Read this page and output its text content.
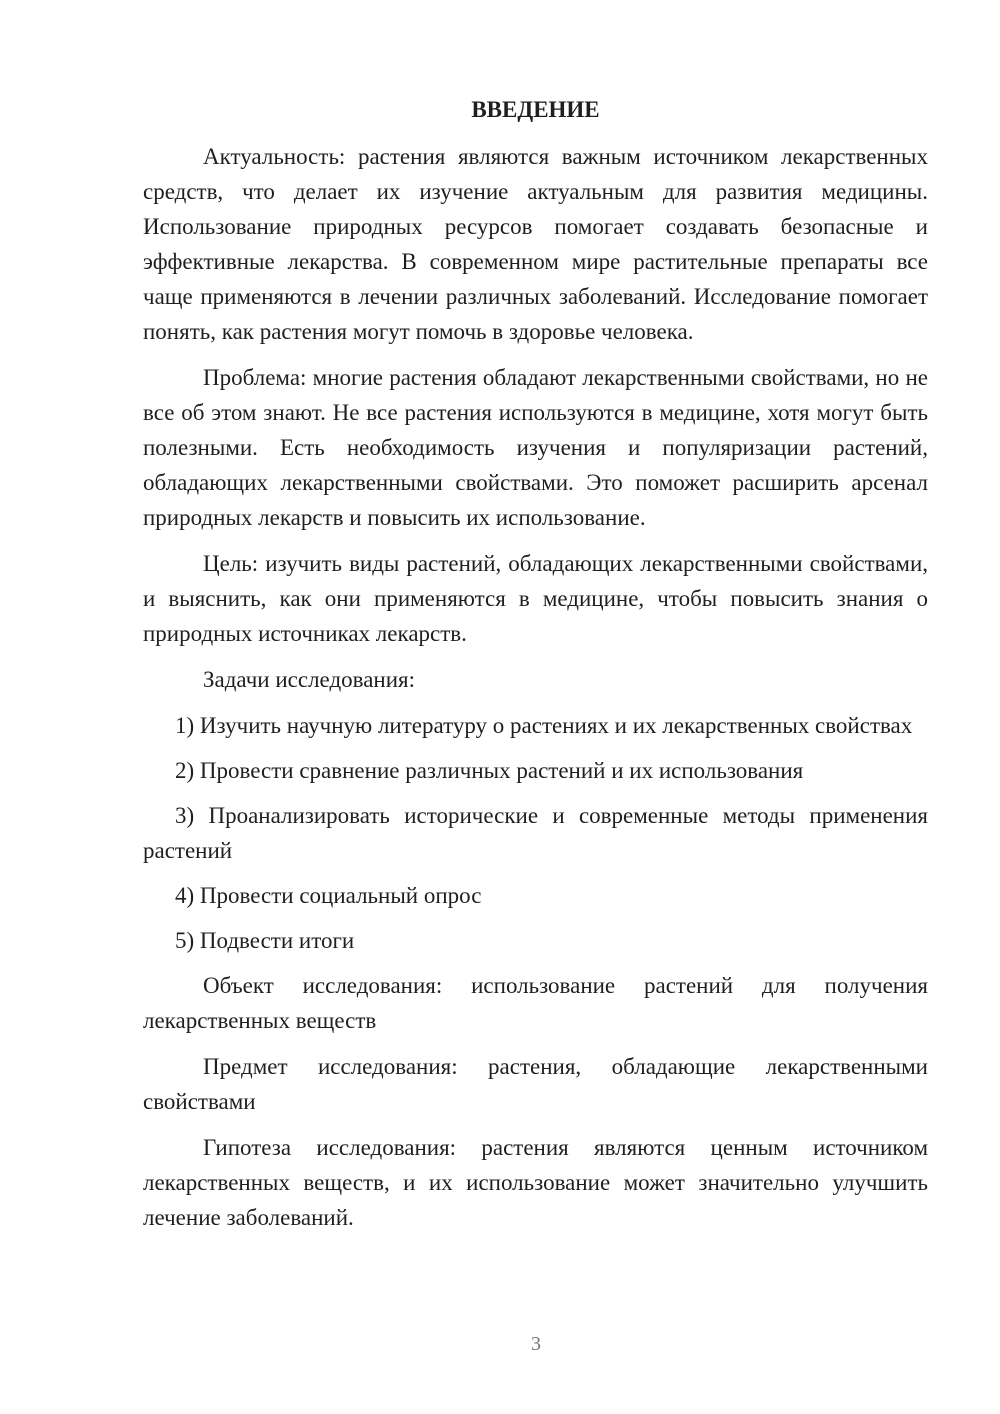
ВВЕДЕНИЕ

Актуальность: растения являются важным источником лекарственных средств, что делает их изучение актуальным для развития медицины. Использование природных ресурсов помогает создавать безопасные и эффективные лекарства. В современном мире растительные препараты все чаще применяются в лечении различных заболеваний. Исследование помогает понять, как растения могут помочь в здоровье человека.

Проблема: многие растения обладают лекарственными свойствами, но не все об этом знают. Не все растения используются в медицине, хотя могут быть полезными. Есть необходимость изучения и популяризации растений, обладающих лекарственными свойствами. Это поможет расширить арсенал природных лекарств и повысить их использование.

Цель: изучить виды растений, обладающих лекарственными свойствами, и выяснить, как они применяются в медицине, чтобы повысить знания о природных источниках лекарств.

Задачи исследования:

1) Изучить научную литературу о растениях и их лекарственных свойствах

2) Провести сравнение различных растений и их использования

3) Проанализировать исторические и современные методы применения растений

4) Провести социальный опрос

5) Подвести итоги

Объект исследования: использование растений для получения лекарственных веществ

Предмет исследования: растения, обладающие лекарственными свойствами

Гипотеза исследования: растения являются ценным источником лекарственных веществ, и их использование может значительно улучшить лечение заболеваний.

3
